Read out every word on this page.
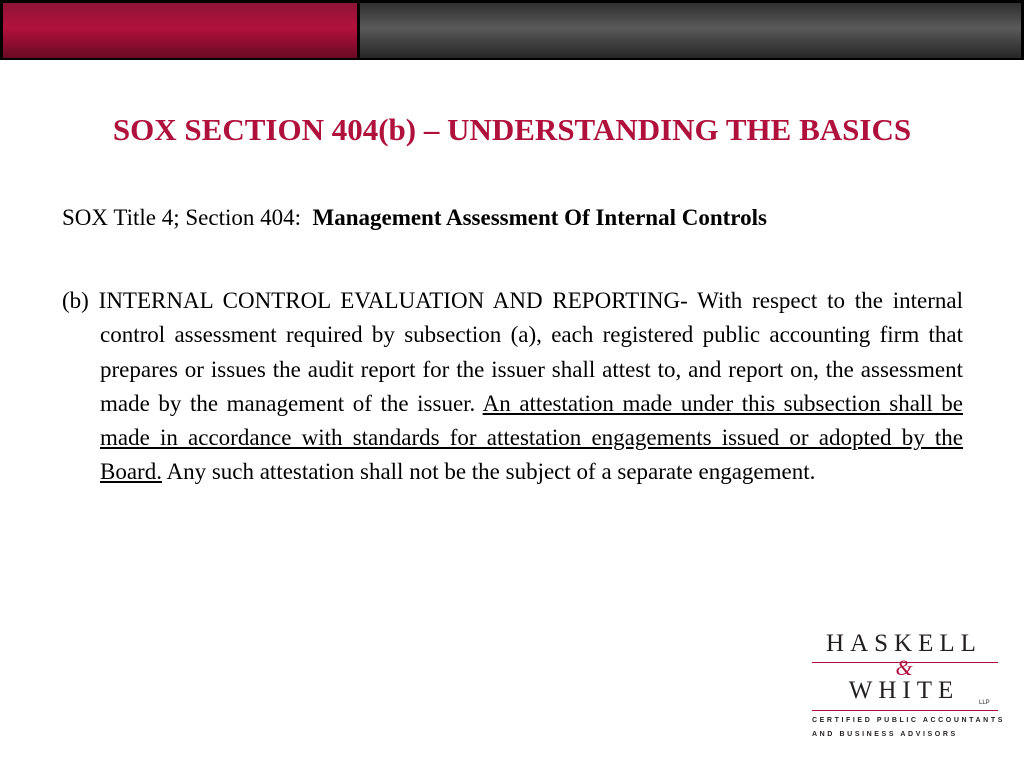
SOX SECTION 404(b) – UNDERSTANDING THE BASICS
SOX Title 4; Section 404: Management Assessment Of Internal Controls
(b) INTERNAL CONTROL EVALUATION AND REPORTING- With respect to the internal control assessment required by subsection (a), each registered public accounting firm that prepares or issues the audit report for the issuer shall attest to, and report on, the assessment made by the management of the issuer. An attestation made under this subsection shall be made in accordance with standards for attestation engagements issued or adopted by the Board. Any such attestation shall not be the subject of a separate engagement.
HASKELL
&
WHITE	LLP
CERTIFIED PUBLIC ACCOUNTANTS
AND BUSINESS ADVISORS
